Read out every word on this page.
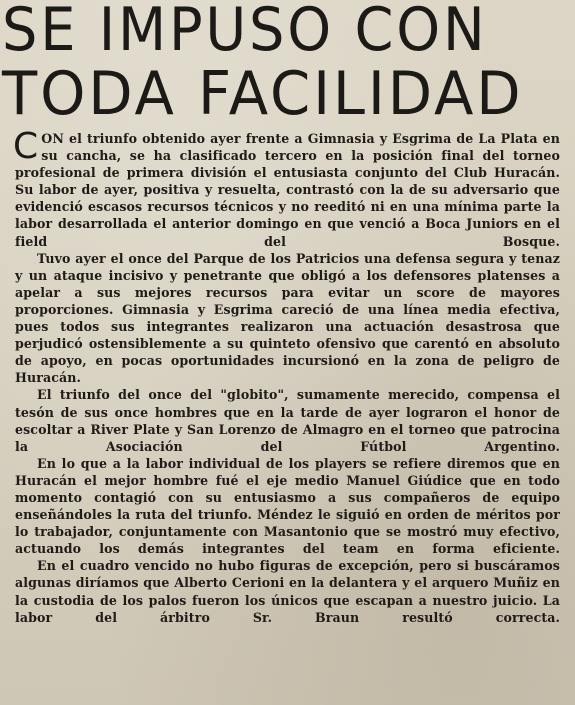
SE IMPUSO CON
TODA FACILIDAD

CON el triunfo obtenido ayer frente a Gimnasia y Esgrima de La Plata en su cancha, se ha clasificado tercero en la posición final del torneo profesional de primera división el entusiasta conjunto del Club Huracán. Su labor de ayer, positiva y resuelta, contrastó con la de su adversario que evidenció escasos recursos técnicos y no reeditó ni en una mínima parte la labor desarrollada el anterior domingo en que venció a Boca Juniors en el field del Bosque.

Tuvo ayer el once del Parque de los Patricios una defensa segura y tenaz y un ataque incisivo y penetrante que obligó a los defensores platenses a apelar a sus mejores recursos para evitar un score de mayores proporciones. Gimnasia y Esgrima careció de una línea media efectiva, pues todos sus integrantes realizaron una actuación desastrosa que perjudicó ostensiblemente a su quinteto ofensivo que carentó en absoluto de apoyo, en pocas oportunidades incursionó en la zona de peligro de Huracán.

El triunfo del once del "globito", sumamente merecido, compensa el tesón de sus once hombres que en la tarde de ayer lograron el honor de escoltar a River Plate y San Lorenzo de Almagro en el torneo que patrocina la Asociación del Fútbol Argentino.

En lo que a la labor individual de los players se refiere diremos que en Huracán el mejor hombre fué el eje medio Manuel Giúdice que en todo momento contagió con su entusiasmo a sus compañeros de equipo enseñándoles la ruta del triunfo. Méndez le siguió en orden de méritos por lo trabajador, conjuntamente con Masantonio que se mostró muy efectivo, actuando los demás integrantes del team en forma eficiente.

En el cuadro vencido no hubo figuras de excepción, pero si buscáramos algunas diríamos que Alberto Cerioni en la delantera y el arquero Muñiz en la custodia de los palos fueron los únicos que escapan a nuestro juicio. La labor del árbitro Sr. Braun resultó correcta.
